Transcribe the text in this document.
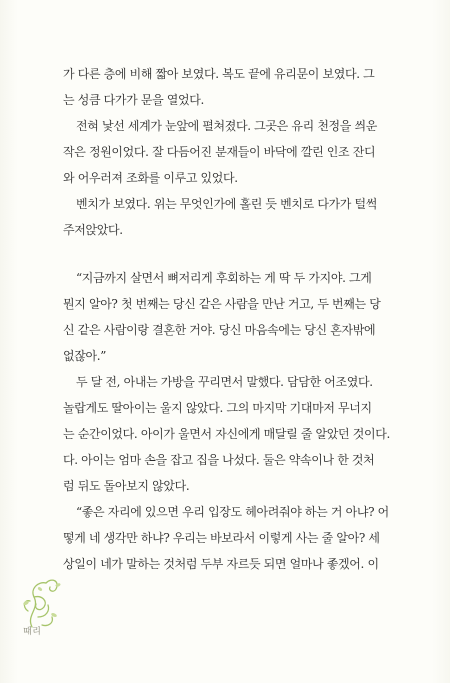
가 다른 층에 비해 짧아 보였다. 복도 끝에 유리문이 보였다. 그
는 성큼 다가가 문을 열었다.
전혀 낯선 세계가 눈앞에 펼쳐졌다. 그곳은 유리 천정을 씌운
작은 정원이었다. 잘 다듬어진 분재들이 바닥에 깔린 인조 잔디
와 어우러져 조화를 이루고 있었다.
벤치가 보였다. 위는 무엇인가에 홀린 듯 벤치로 다가가 털썩
주저앉았다.
“지금까지 살면서 뼈저리게 후회하는 게 딱 두 가지야. 그게
뭔지 알아? 첫 번째는 당신 같은 사람을 만난 거고, 두 번째는 당
신 같은 사람이랑 결혼한 거야. 당신 마음속에는 당신 혼자밖에
없잖아.”
두 달 전, 아내는 가방을 꾸리면서 말했다. 담담한 어조였다.
놀랍게도 딸아이는 울지 않았다. 그의 마지막 기대마저 무너지
는 순간이었다. 아이가 울면서 자신에게 매달릴 줄 알았던 것이다.
다. 아이는 엄마 손을 잡고 집을 나섰다. 둘은 약속이나 한 것처
럼 뒤도 돌아보지 않았다.
“좋은 자리에 있으면 우리 입장도 헤아려줘야 하는 거 아냐? 어
떻게 네 생각만 하냐? 우리는 바보라서 이렇게 사는 줄 알아? 세
상일이 네가 말하는 것처럼 두부 자르듯 되면 얼마나 좋겠어. 이
때리
